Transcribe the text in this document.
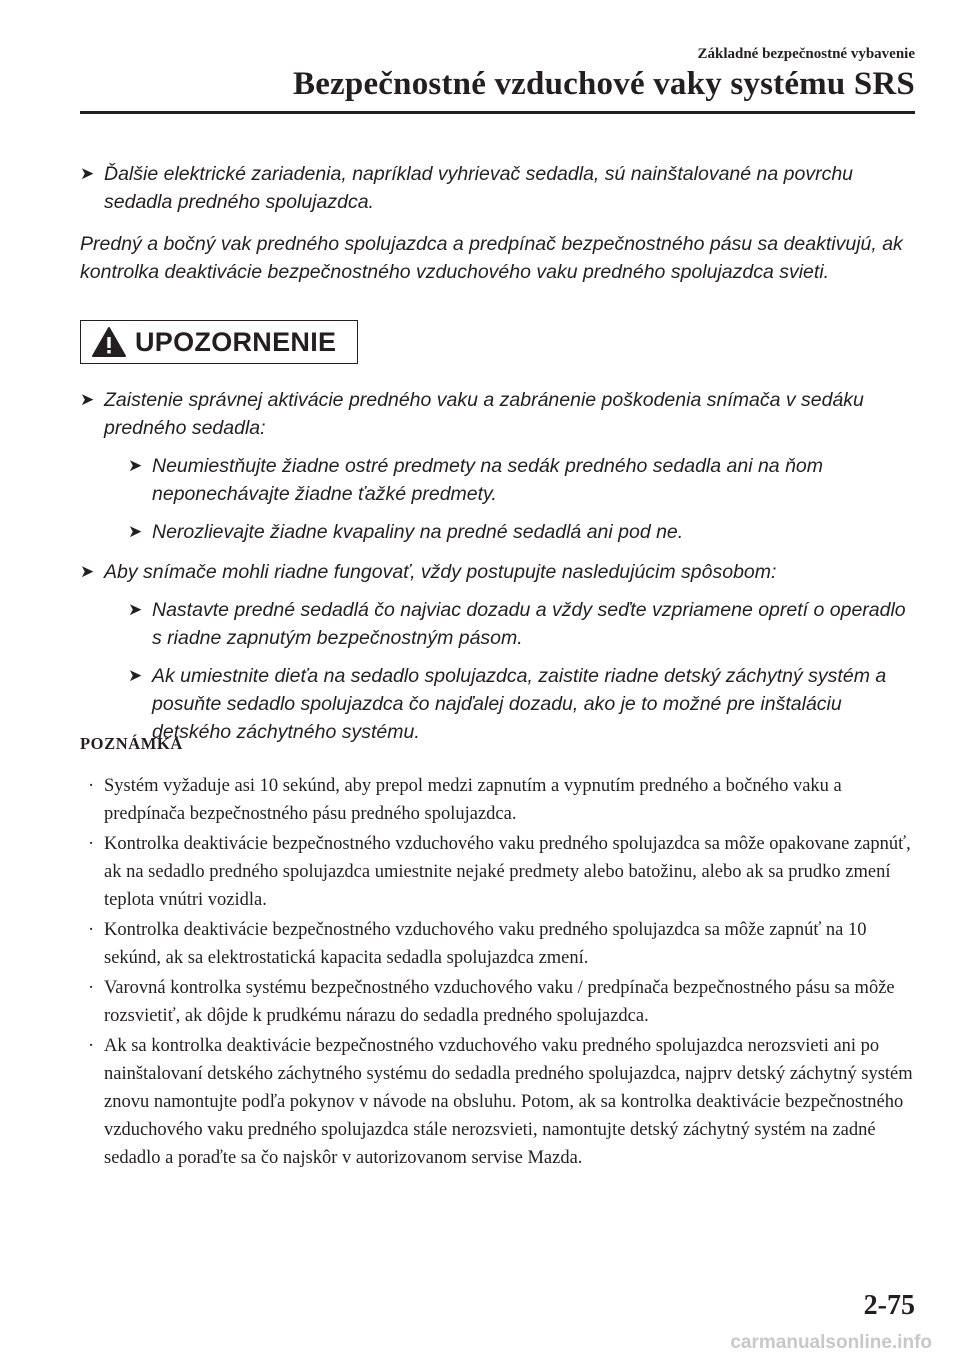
Základné bezpečnostné vybavenie
Bezpečnostné vzduchové vaky systému SRS

➤ Ďalšie elektrické zariadenia, napríklad vyhrievač sedadla, sú nainštalované na povrchu sedadla predného spolujazdca.

Predný a bočný vak predného spolujazdca a predpínač bezpečnostného pásu sa deaktivujú, ak kontrolka deaktivácie bezpečnostného vzduchového vaku predného spolujazdca svieti.

UPOZORNENIE
➤ Zaistenie správnej aktivácie predného vaku a zabránenie poškodenia snímača v sedáku predného sedadla:

➤ Neumiestňujte žiadne ostré predmety na sedák predného sedadla ani na ňom neponechávajte žiadne ťažké predmety.

➤ Nerozlievajte žiadne kvapaliny na predné sedadlá ani pod ne.

➤ Aby snímače mohli riadne fungovať, vždy postupujte nasledujúcim spôsobom:

➤ Nastavte predné sedadlá čo najviac dozadu a vždy seďte vzpriamene opretí o operadlo s riadne zapnutým bezpečnostným pásom.

➤ Ak umiestnite dieťa na sedadlo spolujazdca, zaistite riadne detský záchytný systém a posuňte sedadlo spolujazdca čo najďalej dozadu, ako je to možné pre inštaláciu detského záchytného systému.

POZNÁMKA

· Systém vyžaduje asi 10 sekúnd, aby prepol medzi zapnutím a vypnutím predného a bočného vaku a predpínača bezpečnostného pásu predného spolujazdca.

· Kontrolka deaktivácie bezpečnostného vzduchového vaku predného spolujazdca sa môže opakovane zapnúť, ak na sedadlo predného spolujazdca umiestnite nejaké predmety alebo batožinu, alebo ak sa prudko zmení teplota vnútri vozidla.

· Kontrolka deaktivácie bezpečnostného vzduchového vaku predného spolujazdca sa môže zapnúť na 10 sekúnd, ak sa elektrostatická kapacita sedadla spolujazdca zmení.

· Varovná kontrolka systému bezpečnostného vzduchového vaku / predpínača bezpečnostného pásu sa môže rozsvietiť, ak dôjde k prudkému nárazu do sedadla predného spolujazdca.

· Ak sa kontrolka deaktivácie bezpečnostného vzduchového vaku predného spolujazdca nerozsvieti ani po nainštalovaní detského záchytného systému do sedadla predného spolujazdca, najprv detský záchytný systém znovu namontujte podľa pokynov v návode na obsluhu. Potom, ak sa kontrolka deaktivácie bezpečnostného vzduchového vaku predného spolujazdca stále nerozsvieti, namontujte detský záchytný systém na zadné sedadlo a poraďte sa čo najskôr v autorizovanom servise Mazda.

2-75
carmanualsonline.info
